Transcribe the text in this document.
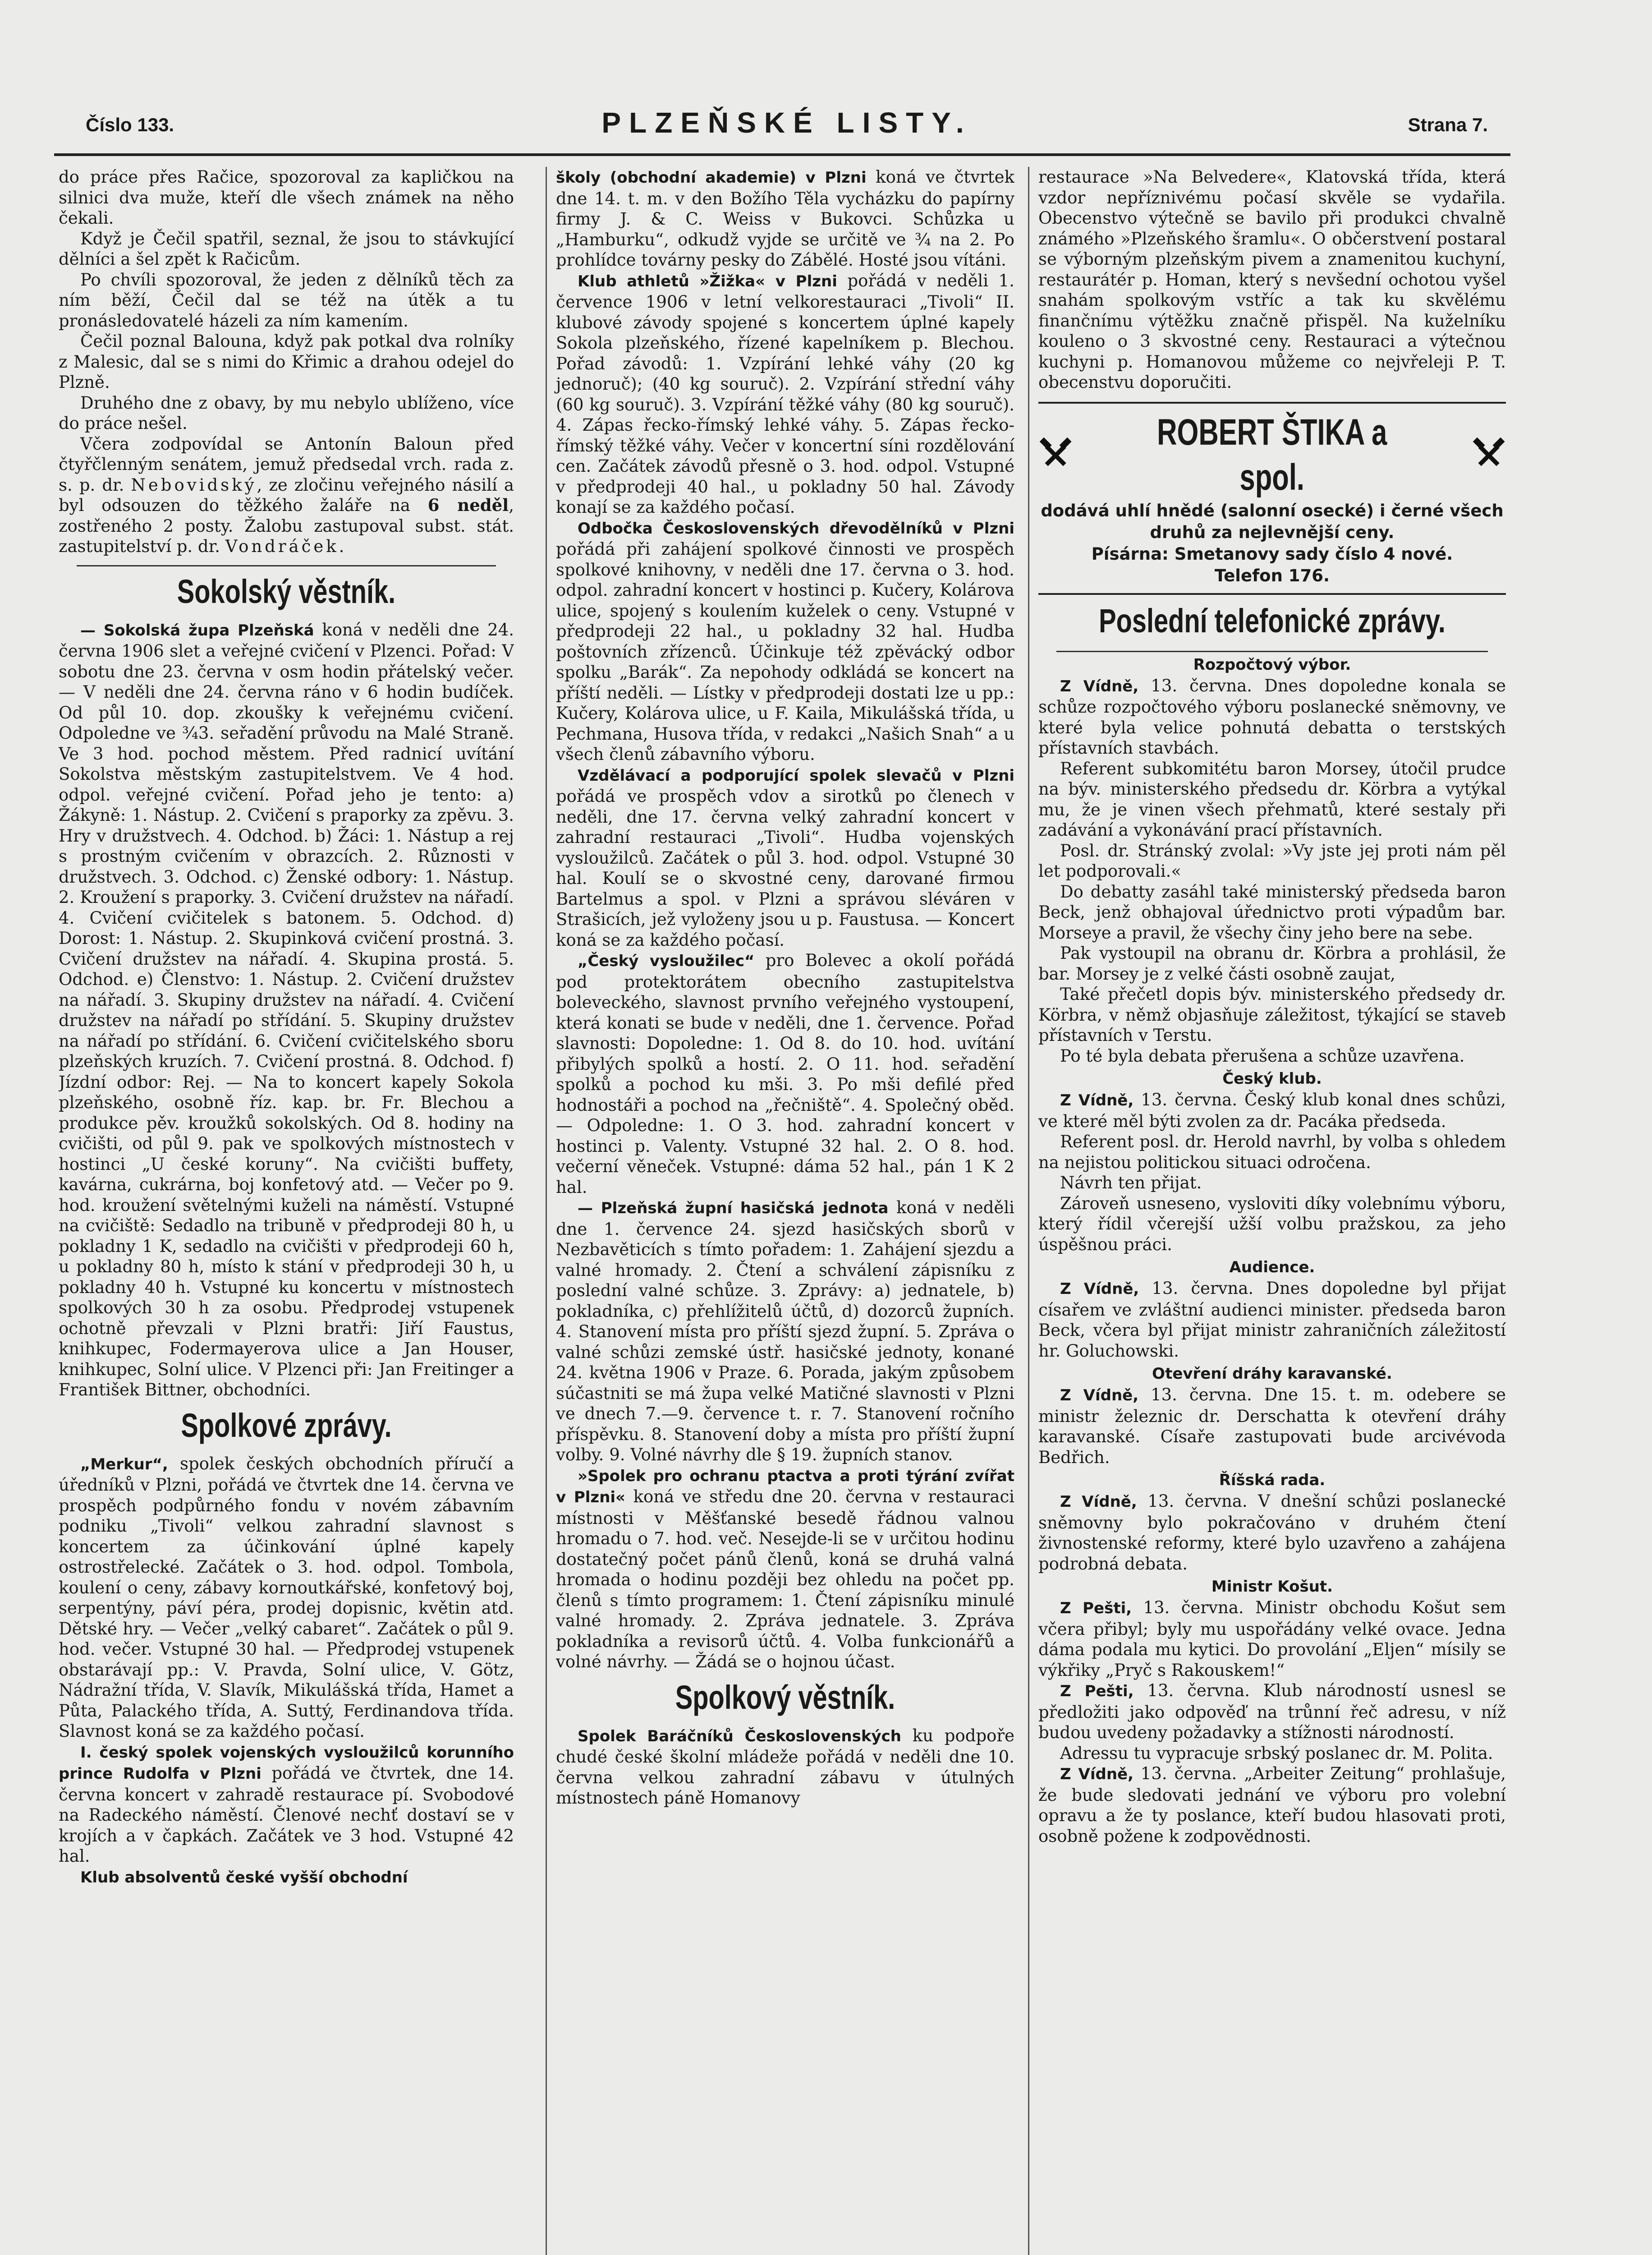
Číslo 133.	PLZEŇSKÉ LISTY.	Strana 7.

do práce přes Račice, spozoroval za kapličkou na silnici dva muže, kteří dle všech známek na něho čekali.

Když je Čečil spatřil, seznal, že jsou to stávkující dělníci a šel zpět k Račicům.

Po chvíli spozoroval, že jeden z dělníků těch za ním běží, Čečil dal se též na útěk a tu pronásledovatelé házeli za ním kamením.

Čečil poznal Balouna, když pak potkal dva rolníky z Malesic, dal se s nimi do Křimic a drahou odejel do Plzně.

Druhého dne z obavy, by mu nebylo ublíženo, více do práce nešel.

Včera zodpovídal se Antonín Baloun před čtyřčlenným senátem, jemuž předsedal vrch. rada z. s. p. dr. Nebovidský, ze zločinu veřejného násilí a byl odsouzen do těžkého žaláře na 6 neděl, zostřeného 2 posty. Žalobu zastupoval subst. stát. zastupitelství p. dr. Vondráček.

Sokolský věstník.

— Sokolská župa Plzeňská koná v neděli dne 24. června 1906 slet a veřejné cvičení v Plzenci. Pořad: V sobotu dne 23. června v osm hodin přátelský večer. — V neděli dne 24. června ráno v 6 hodin budíček. Od půl 10. dop. zkoušky k veřejnému cvičení. Odpoledne ve ¾3. seřadění průvodu na Malé Straně. Ve 3 hod. pochod městem. Před radnicí uvítání Sokolstva městským zastupitelstvem. Ve 4 hod. odpol. veřejné cvičení. Pořad jeho je tento: a) Žákyně: 1. Nástup. 2. Cvičení s praporky za zpěvu. 3. Hry v družstvech. 4. Odchod. b) Žáci: 1. Nástup a rej s prostným cvičením v obrazcích. 2. Různosti v družstvech. 3. Odchod. c) Ženské odbory: 1. Nástup. 2. Kroužení s praporky. 3. Cvičení družstev na nářadí. 4. Cvičení cvičitelek s batonem. 5. Odchod. d) Dorost: 1. Nástup. 2. Skupinková cvičení prostná. 3. Cvičení družstev na nářadí. 4. Skupina prostá. 5. Odchod. e) Členstvo: 1. Nástup. 2. Cvičení družstev na nářadí. 3. Skupiny družstev na nářadí. 4. Cvičení družstev na nářadí po střídání. 5. Skupiny družstev na nářadí po střídání. 6. Cvičení cvičitelského sboru plzeňských kruzích. 7. Cvičení prostná. 8. Odchod. f) Jízdní odbor: Rej. — Na to koncert kapely Sokola plzeňského, osobně říz. kap. br. Fr. Blechou a produkce pěv. kroužků sokolských. Od 8. hodiny na cvičišti, od půl 9. pak ve spolkových místnostech v hostinci „U české koruny“. Na cvičišti buffety, kavárna, cukrárna, boj konfetový atd. — Večer po 9. hod. kroužení světelnými kuželi na náměstí. Vstupné na cvičiště: Sedadlo na tribuně v předprodeji 80 h, u pokladny 1 K, sedadlo na cvičišti v předprodeji 60 h, u pokladny 80 h, místo k stání v předprodeji 30 h, u pokladny 40 h. Vstupné ku koncertu v místnostech spolkových 30 h za osobu. Předprodej vstupenek ochotně převzali v Plzni bratři: Jiří Faustus, knihkupec, Fodermayerova ulice a Jan Houser, knihkupec, Solní ulice. V Plzenci při: Jan Freitinger a František Bittner, obchodníci.

Spolkové zprávy.

„Merkur“, spolek českých obchodních příručí a úředníků v Plzni, pořádá ve čtvrtek dne 14. června ve prospěch podpůrného fondu v novém zábavním podniku „Tivoli“ velkou zahradní slavnost s koncertem za účinkování úplné kapely ostrostřelecké. Začátek o 3. hod. odpol. Tombola, koulení o ceny, zábavy kornoutkářské, konfetový boj, serpentýny, páví péra, prodej dopisnic, květin atd. Dětské hry. — Večer „velký cabaret“. Začátek o půl 9. hod. večer. Vstupné 30 hal. — Předprodej vstupenek obstarávají pp.: V. Pravda, Solní ulice, V. Götz, Nádražní třída, V. Slavík, Mikulášská třída, Hamet a Půta, Palackého třída, A. Suttý, Ferdinandova třída. Slavnost koná se za každého počasí.

I. český spolek vojenských vysloužilců korunního prince Rudolfa v Plzni pořádá ve čtvrtek, dne 14. června koncert v zahradě restaurace pí. Svobodové na Radeckého náměstí. Členové nechť dostaví se v krojích a v čapkách. Začátek ve 3 hod. Vstupné 42 hal.

Klub absolventů české vyšší obchodní

školy (obchodní akademie) v Plzni koná ve čtvrtek dne 14. t. m. v den Božího Těla vycházku do papírny firmy J. & C. Weiss v Bukovci. Schůzka u „Hamburku“, odkudž vyjde se určitě ve ¾ na 2. Po prohlídce továrny pesky do Zábělé. Hosté jsou vítáni.

Klub athletů »Žižka« v Plzni pořádá v neděli 1. července 1906 v letní velkorestauraci „Tivoli“ II. klubové závody spojené s koncertem úplné kapely Sokola plzeňského, řízené kapelníkem p. Blechou. Pořad závodů: 1. Vzpírání lehké váhy (20 kg jednoruč); (40 kg souruč). 2. Vzpírání střední váhy (60 kg souruč). 3. Vzpírání těžké váhy (80 kg souruč). 4. Zápas řecko-římský lehké váhy. 5. Zápas řecko-římský těžké váhy. Večer v koncertní síni rozdělování cen. Začátek závodů přesně o 3. hod. odpol. Vstupné v předprodeji 40 hal., u pokladny 50 hal. Závody konají se za každého počasí.

Odbočka Československých dřevodělníků v Plzni pořádá při zahájení spolkové činnosti ve prospěch spolkové knihovny, v neděli dne 17. června o 3. hod. odpol. zahradní koncert v hostinci p. Kučery, Kolárova ulice, spojený s koulením kuželek o ceny. Vstupné v předprodeji 22 hal., u pokladny 32 hal. Hudba poštovních zřízenců. Účinkuje též zpěvácký odbor spolku „Barák“. Za nepohody odkládá se koncert na příští neděli. — Lístky v předprodeji dostati lze u pp.: Kučery, Kolárova ulice, u F. Kaila, Mikulášská třída, u Pechmana, Husova třída, v redakci „Našich Snah“ a u všech členů zábavního výboru.

Vzdělávací a podporující spolek slevačů v Plzni pořádá ve prospěch vdov a sirotků po členech v neděli, dne 17. června velký zahradní koncert v zahradní restauraci „Tivoli“. Hudba vojenských vysloužilců. Začátek o půl 3. hod. odpol. Vstupné 30 hal. Koulí se o skvostné ceny, darované firmou Bartelmus a spol. v Plzni a správou sléváren v Strašicích, jež vyloženy jsou u p. Faustusa. — Koncert koná se za každého počasí.

„Český vysloužilec“ pro Bolevec a okolí pořádá pod protektorátem obecního zastupitelstva boleveckého, slavnost prvního veřejného vystoupení, která konati se bude v neděli, dne 1. července. Pořad slavnosti: Dopoledne: 1. Od 8. do 10. hod. uvítání přibylých spolků a hostí. 2. O 11. hod. seřadění spolků a pochod ku mši. 3. Po mši defilé před hodnostáři a pochod na „řečniště“. 4. Společný oběd. — Odpoledne: 1. O 3. hod. zahradní koncert v hostinci p. Valenty. Vstupné 32 hal. 2. O 8. hod. večerní věneček. Vstupné: dáma 52 hal., pán 1 K 2 hal.

— Plzeňská župní hasičská jednota koná v neděli dne 1. července 24. sjezd hasičských sborů v Nezbavěticích s tímto pořadem: 1. Zahájení sjezdu a valné hromady. 2. Čtení a schválení zápisníku z poslední valné schůze. 3. Zprávy: a) jednatele, b) pokladníka, c) přehlížitelů účtů, d) dozorců župních. 4. Stanovení místa pro příští sjezd župní. 5. Zpráva o valné schůzi zemské ústř. hasičské jednoty, konané 24. května 1906 v Praze. 6. Porada, jakým způsobem súčastniti se má župa velké Matičné slavnosti v Plzni ve dnech 7.—9. července t. r. 7. Stanovení ročního příspěvku. 8. Stanovení doby a místa pro příští župní volby. 9. Volné návrhy dle § 19. župních stanov.

»Spolek pro ochranu ptactva a proti týrání zvířat v Plzni« koná ve středu dne 20. června v restauraci místnosti v Měšťanské besedě řádnou valnou hromadu o 7. hod. več. Nesejde-li se v určitou hodinu dostatečný počet pánů členů, koná se druhá valná hromada o hodinu později bez ohledu na počet pp. členů s tímto programem: 1. Čtení zápisníku minulé valné hromady. 2. Zpráva jednatele. 3. Zpráva pokladníka a revisorů účtů. 4. Volba funkcionářů a volné návrhy. — Žádá se o hojnou účast.

Spolkový věstník.

Spolek Baráčníků Československých ku podpoře chudé české školní mládeže pořádá v neděli dne 10. června velkou zahradní zábavu v útulných místnostech páně Homanovy

restaurace »Na Belvedere«, Klatovská třída, která vzdor nepříznivému počasí skvěle se vydařila. Obecenstvo výtečně se bavilo při produkci chvalně známého »Plzeňského šramlu«. O občerstvení postaral se výborným plzeňským pivem a znamenitou kuchyní, restaurátér p. Homan, který s nevšední ochotou vyšel snahám spolkovým vstříc a tak ku skvělému finančnímu výtěžku značně přispěl. Na kuželníku kouleno o 3 skvostné ceny. Restauraci a výtečnou kuchyni p. Homanovou můžeme co nejvřeleji P. T. obecenstvu doporučiti.

ROBERT ŠTIKA a spol.
dodává uhlí hnědé (salonní osecké) i černé všech druhů za nejlevnější ceny.
Písárna: Smetanovy sady číslo 4 nové.
Telefon 176.
Poslední telefonické zprávy.
Rozpočtový výbor.

Z Vídně, 13. června. Dnes dopoledne konala se schůze rozpočtového výboru poslanecké sněmovny, ve které byla velice pohnutá debatta o terstských přístavních stavbách.

Referent subkomitétu baron Morsey, útočil prudce na býv. ministerského předsedu dr. Körbra a vytýkal mu, že je vinen všech přehmatů, které sestaly při zadávání a vykonávání prací přístavních.

Posl. dr. Stránský zvolal: »Vy jste jej proti nám pěl let podporovali.«

Do debatty zasáhl také ministerský předseda baron Beck, jenž obhajoval úřednictvo proti výpadům bar. Morseye a pravil, že všechy činy jeho bere na sebe.

Pak vystoupil na obranu dr. Körbra a prohlásil, že bar. Morsey je z velké části osobně zaujat,

Také přečetl dopis býv. ministerského předsedy dr. Körbra, v němž objasňuje záležitost, týkající se staveb přístavních v Terstu.

Po té byla debata přerušena a schůze uzavřena.

Český klub.

Z Vídně, 13. června. Český klub konal dnes schůzi, ve které měl býti zvolen za dr. Pacáka předseda.

Referent posl. dr. Herold navrhl, by volba s ohledem na nejistou politickou situaci odročena.

Návrh ten přijat.

Zároveň usneseno, vysloviti díky volebnímu výboru, který řídil včerejší užší volbu pražskou, za jeho úspěšnou práci.

Audience.

Z Vídně, 13. června. Dnes dopoledne byl přijat císařem ve zvláštní audienci minister. předseda baron Beck, včera byl přijat ministr zahraničních záležitostí hr. Goluchowski.

Otevření dráhy karavanské.

Z Vídně, 13. června. Dne 15. t. m. odebere se ministr železnic dr. Derschatta k otevření dráhy karavanské. Císaře zastupovati bude arcivévoda Bedřich.

Říšská rada.

Z Vídně, 13. června. V dnešní schůzi poslanecké sněmovny bylo pokračováno v druhém čtení živnostenské reformy, které bylo uzavřeno a zahájena podrobná debata.

Ministr Košut.

Z Pešti, 13. června. Ministr obchodu Košut sem včera přibyl; byly mu uspořádány velké ovace. Jedna dáma podala mu kytici. Do provolání „Eljen“ mísily se výkřiky „Pryč s Rakouskem!“

Z Pešti, 13. června. Klub národností usnesl se předložiti jako odpověď na trůnní řeč adresu, v níž budou uvedeny požadavky a stížnosti národností.

Adressu tu vypracuje srbský poslanec dr. M. Polita.

Z Vídně, 13. června. „Arbeiter Zeitung“ prohlašuje, že bude sledovati jednání ve výboru pro volební opravu a že ty poslance, kteří budou hlasovati proti, osobně požene k zodpovědnosti.
